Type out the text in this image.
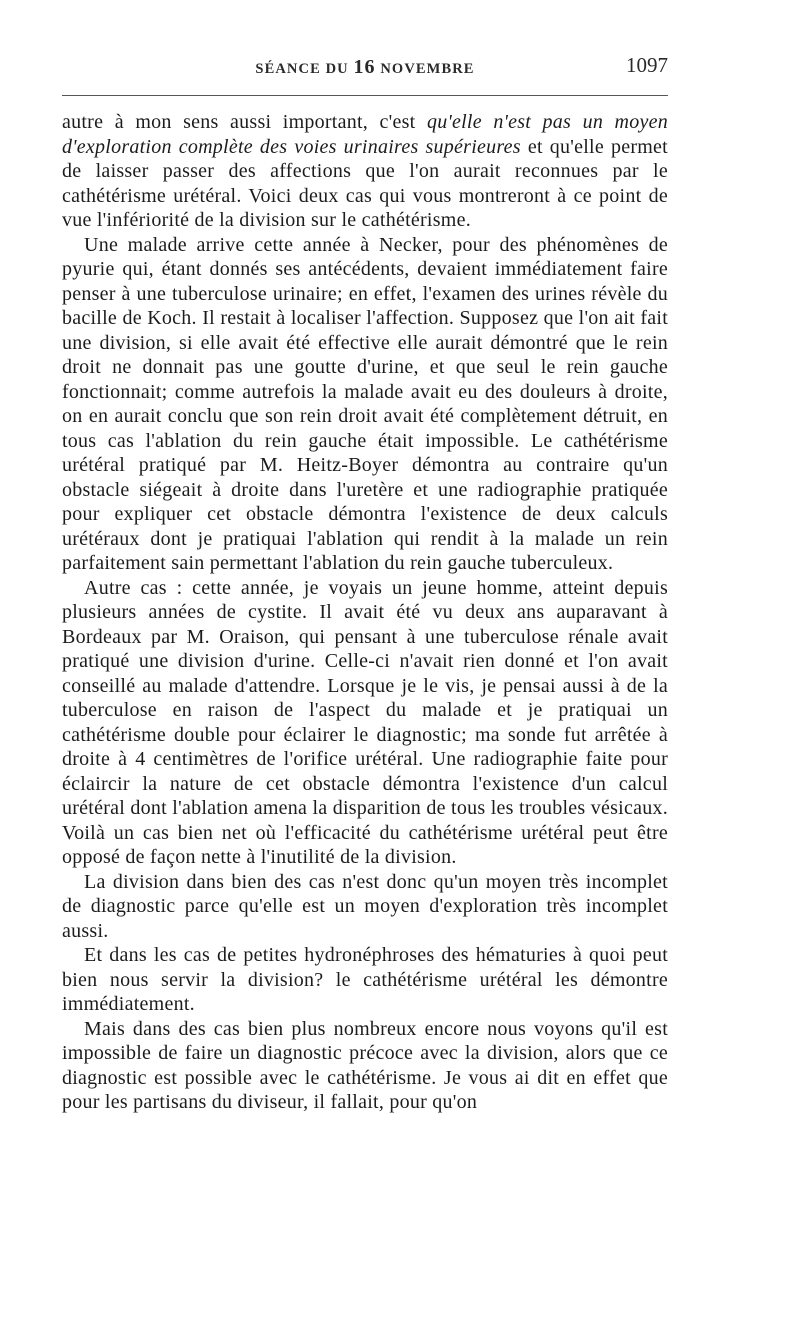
SÉANCE DU 16 NOVEMBRE	1097

autre à mon sens aussi important, c'est qu'elle n'est pas un moyen d'exploration complète des voies urinaires supérieures et qu'elle permet de laisser passer des affections que l'on aurait reconnues par le cathétérisme urétéral. Voici deux cas qui vous montreront à ce point de vue l'infériorité de la division sur le cathétérisme.

Une malade arrive cette année à Necker, pour des phénomènes de pyurie qui, étant donnés ses antécédents, devaient immédiatement faire penser à une tuberculose urinaire; en effet, l'examen des urines révèle du bacille de Koch. Il restait à localiser l'affection. Supposez que l'on ait fait une division, si elle avait été effective elle aurait démontré que le rein droit ne donnait pas une goutte d'urine, et que seul le rein gauche fonctionnait; comme autrefois la malade avait eu des douleurs à droite, on en aurait conclu que son rein droit avait été complètement détruit, en tous cas l'ablation du rein gauche était impossible. Le cathétérisme urétéral pratiqué par M. Heitz-Boyer démontra au contraire qu'un obstacle siégeait à droite dans l'uretère et une radiographie pratiquée pour expliquer cet obstacle démontra l'existence de deux calculs urétéraux dont je pratiquai l'ablation qui rendit à la malade un rein parfaitement sain permettant l'ablation du rein gauche tuberculeux.

Autre cas : cette année, je voyais un jeune homme, atteint depuis plusieurs années de cystite. Il avait été vu deux ans auparavant à Bordeaux par M. Oraison, qui pensant à une tuberculose rénale avait pratiqué une division d'urine. Celle-ci n'avait rien donné et l'on avait conseillé au malade d'attendre. Lorsque je le vis, je pensai aussi à de la tuberculose en raison de l'aspect du malade et je pratiquai un cathétérisme double pour éclairer le diagnostic; ma sonde fut arrêtée à droite à 4 centimètres de l'orifice urétéral. Une radiographie faite pour éclaircir la nature de cet obstacle démontra l'existence d'un calcul urétéral dont l'ablation amena la disparition de tous les troubles vésicaux. Voilà un cas bien net où l'efficacité du cathétérisme urétéral peut être opposé de façon nette à l'inutilité de la division.

La division dans bien des cas n'est donc qu'un moyen très incomplet de diagnostic parce qu'elle est un moyen d'exploration très incomplet aussi.

Et dans les cas de petites hydronéphroses des hématuries à quoi peut bien nous servir la division? le cathétérisme urétéral les démontre immédiatement.

Mais dans des cas bien plus nombreux encore nous voyons qu'il est impossible de faire un diagnostic précoce avec la division, alors que ce diagnostic est possible avec le cathétérisme. Je vous ai dit en effet que pour les partisans du diviseur, il fallait, pour qu'on
